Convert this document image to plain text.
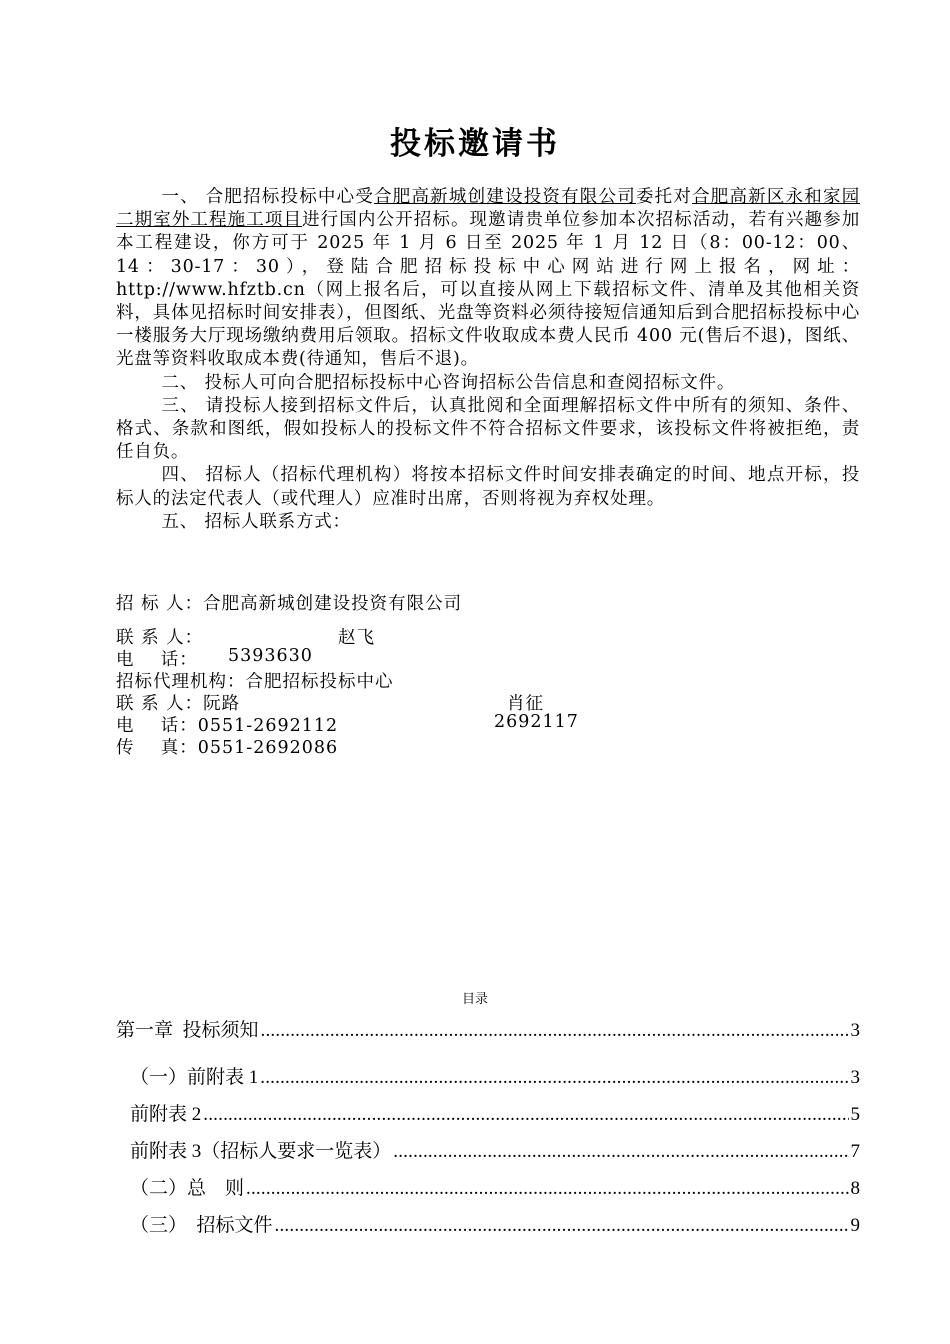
投标邀请书

一、 合肥招标投标中心受合肥高新城创建设投资有限公司委托对合肥高新区永和家园二期室外工程施工项目进行国内公开招标。现邀请贵单位参加本次招标活动，若有兴趣参加本工程建设，你方可于 2025 年 1 月 6 日至 2025 年 1 月 12 日（8：00-12：00、14：30-17：30），登陆合肥招标投标中心网站进行网上报名，网址：http://www.hfztb.cn（网上报名后，可以直接从网上下载招标文件、清单及其他相关资料，具体见招标时间安排表），但图纸、光盘等资料必须待接短信通知后到合肥招标投标中心一楼服务大厅现场缴纳费用后领取。招标文件收取成本费人民币 400 元(售后不退)，图纸、光盘等资料收取成本费(待通知，售后不退)。

二、 投标人可向合肥招标投标中心咨询招标公告信息和查阅招标文件。

三、 请投标人接到招标文件后，认真批阅和全面理解招标文件中所有的须知、条件、格式、条款和图纸，假如投标人的投标文件不符合招标文件要求，该投标文件将被拒绝，责任自负。

四、 招标人（招标代理机构）将按本招标文件时间安排表确定的时间、地点开标，投标人的法定代表人（或代理人）应准时出席，否则将视为弃权处理。

五、 招标人联系方式：

招 标 人：合肥高新城创建设投资有限公司
联 系 人：	赵飞
电    话： 5393630
招标代理机构：合肥招标投标中心
联 系 人：阮路	肖征
电    话：0551-2692112	2692117
传    真：0551-2692086
目录
第一章  投标须知 .....	3
（一）前附表 1 .....	3
前附表 2 .....	5
前附表 3（招标人要求一览表） .....	7
（二）总    则 .....	8
（三）  招标文件 .....	9
